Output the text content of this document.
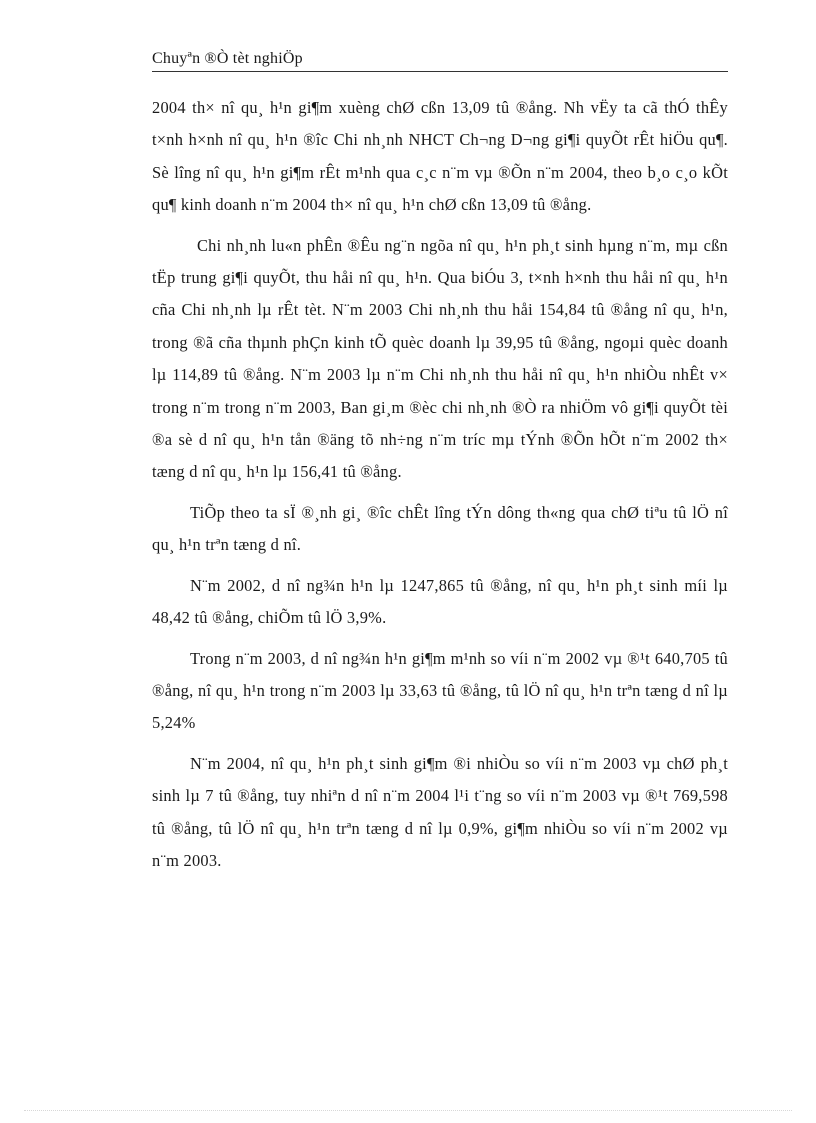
Chuyªn ®Ò tèt nghiÖp

2004 th× nî qu¸ h¹n gi¶m xuèng chØ cßn 13,09 tû ®ång. Nh vËy ta cã thÓ thÊy t×nh h×nh nî qu¸ h¹n ®îc Chi nh¸nh NHCT Ch¬ng D¬ng gi¶i quyÕt rÊt hiÖu qu¶. Sè lîng nî qu¸ h¹n gi¶m rÊt m¹nh qua c¸c n¨m vµ ®Õn n¨m 2004, theo b¸o c¸o kÕt qu¶ kinh doanh n¨m 2004 th× nî qu¸ h¹n chØ cßn 13,09 tû ®ång.

Chi nh¸nh lu«n phÊn ®Êu ng¨n ngõa nî qu¸ h¹n ph¸t sinh hµng n¨m, mµ cßn tËp trung gi¶i quyÕt, thu håi nî qu¸ h¹n. Qua biÓu 3, t×nh h×nh thu håi nî qu¸ h¹n cña Chi nh¸nh lµ rÊt tèt. N¨m 2003 Chi nh¸nh thu håi 154,84 tû ®ång nî qu¸ h¹n, trong ®ã cña thµnh phÇn kinh tÕ quèc doanh lµ 39,95 tû ®ång, ngoµi quèc doanh lµ 114,89 tû ®ång. N¨m 2003 lµ n¨m Chi nh¸nh thu håi nî qu¸ h¹n nhiÒu nhÊt v× trong n¨m trong n¨m 2003, Ban gi¸m ®èc chi nh¸nh ®Ò ra nhiÖm vô gi¶i quyÕt tèi ®a sè d nî qu¸ h¹n tån ®äng tõ nh÷ng n¨m tríc mµ tÝnh ®Õn hÕt n¨m 2002 th× tæng d nî qu¸ h¹n lµ 156,41 tû ®ång.

TiÕp theo ta sÏ ®¸nh gi¸ ®îc chÊt lîng tÝn dông th«ng qua chØ tiªu tû lÖ nî qu¸ h¹n trªn tæng d nî.

N¨m 2002, d nî ng¾n h¹n lµ 1247,865 tû ®ång, nî qu¸ h¹n ph¸t sinh míi lµ 48,42 tû ®ång, chiÕm tû lÖ 3,9%.

Trong n¨m 2003, d nî ng¾n h¹n gi¶m m¹nh so víi n¨m 2002 vµ ®¹t 640,705 tû ®ång, nî qu¸ h¹n trong n¨m 2003 lµ 33,63 tû ®ång, tû lÖ nî qu¸ h¹n trªn tæng d nî lµ 5,24%

N¨m 2004, nî qu¸ h¹n ph¸t sinh gi¶m ®i nhiÒu so víi n¨m 2003 vµ chØ ph¸t sinh lµ 7 tû ®ång, tuy nhiªn d nî n¨m 2004 l¹i t¨ng so víi n¨m 2003 vµ ®¹t 769,598 tû ®ång, tû lÖ nî qu¸ h¹n trªn tæng d nî lµ 0,9%, gi¶m nhiÒu so víi n¨m 2002 vµ n¨m 2003.
